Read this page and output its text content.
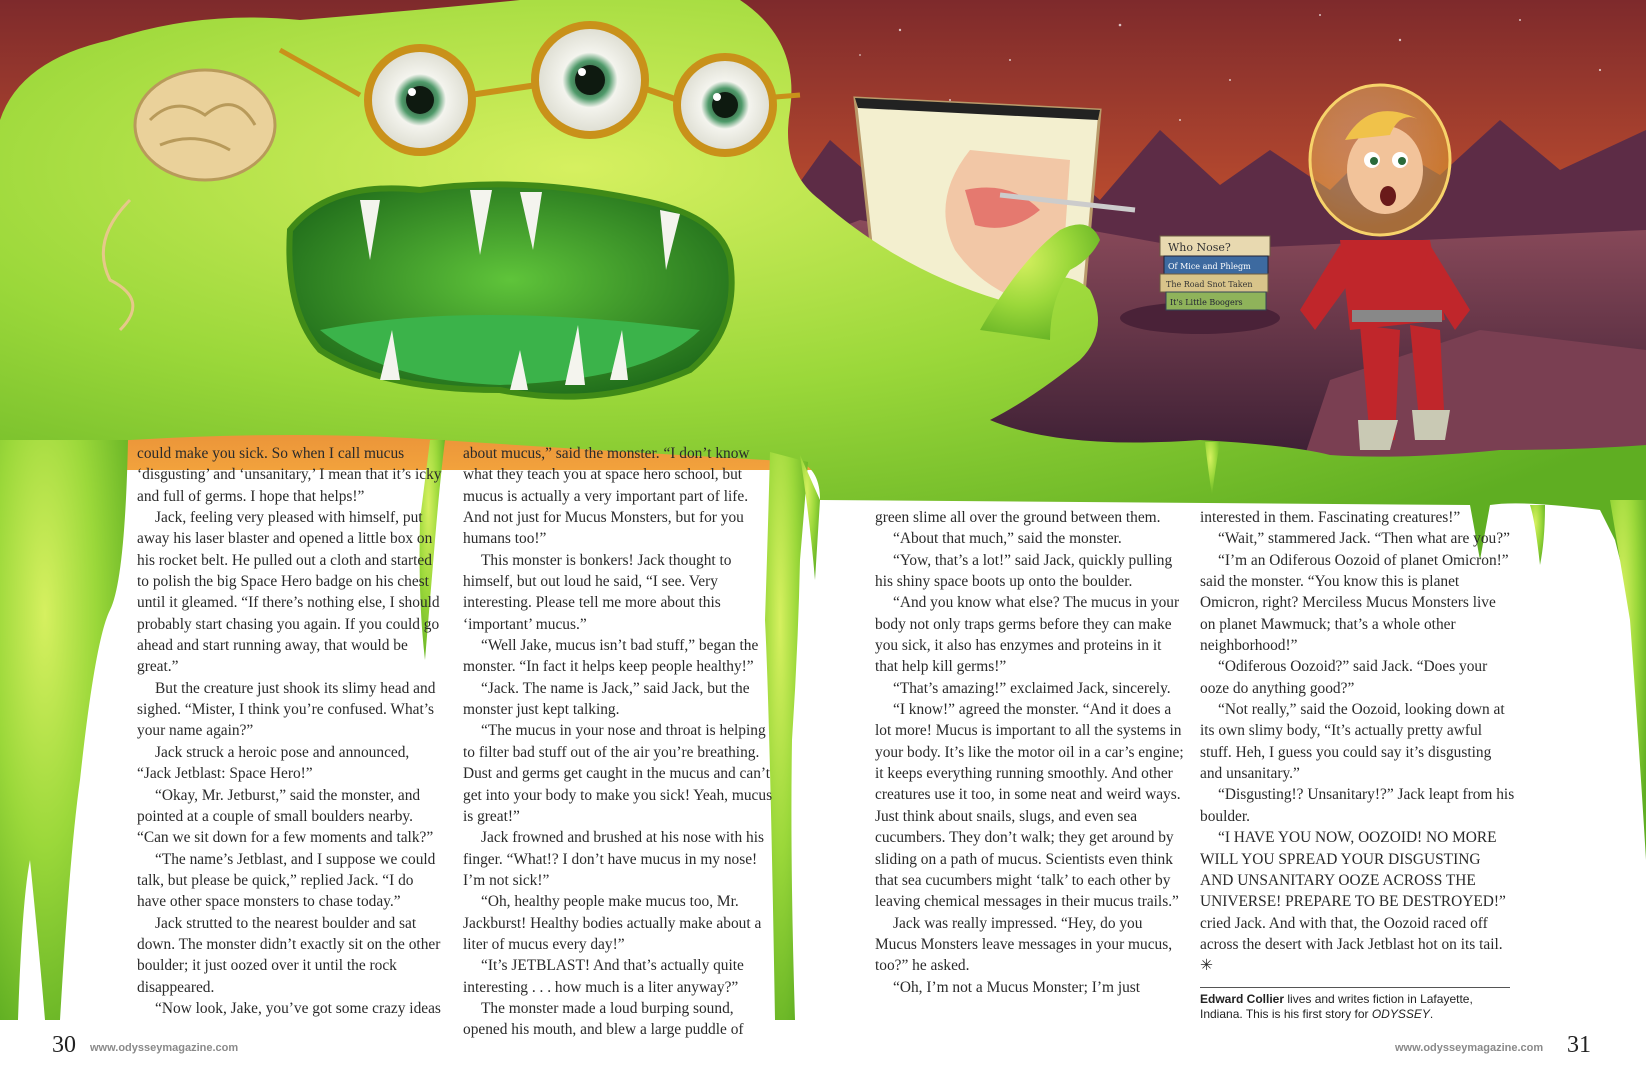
Who Nose?
Of Mice and Phlegm
The Road Snot Taken
It's Little Boogers

could make you sick. So when I call mucus ‘disgusting’ and ‘unsanitary,’ I mean that it’s icky and full of germs. I hope that helps!”

Jack, feeling very pleased with himself, put away his laser blaster and opened a little box on his rocket belt. He pulled out a cloth and started to polish the big Space Hero badge on his chest until it gleamed. “If there’s nothing else, I should probably start chasing you again. If you could go ahead and start running away, that would be great.”

But the creature just shook its slimy head and sighed. “Mister, I think you’re confused. What’s your name again?”

Jack struck a heroic pose and announced, “Jack Jetblast: Space Hero!”

“Okay, Mr. Jetburst,” said the monster, and pointed at a couple of small boulders nearby. “Can we sit down for a few moments and talk?”

“The name’s Jetblast, and I suppose we could talk, but please be quick,” replied Jack. “I do have other space monsters to chase today.”

Jack strutted to the nearest boulder and sat down. The monster didn’t exactly sit on the other boulder; it just oozed over it until the rock disappeared.

“Now look, Jake, you’ve got some crazy ideas

about mucus,” said the monster. “I don’t know what they teach you at space hero school, but mucus is actually a very important part of life. And not just for Mucus Monsters, but for you humans too!”

This monster is bonkers! Jack thought to himself, but out loud he said, “I see. Very interesting. Please tell me more about this ‘important’ mucus.”

“Well Jake, mucus isn’t bad stuff,” began the monster. “In fact it helps keep people healthy!”

“Jack. The name is Jack,” said Jack, but the monster just kept talking.

“The mucus in your nose and throat is helping to filter bad stuff out of the air you’re breathing. Dust and germs get caught in the mucus and can’t get into your body to make you sick! Yeah, mucus is great!”

Jack frowned and brushed at his nose with his finger. “What!? I don’t have mucus in my nose! I’m not sick!”

“Oh, healthy people make mucus too, Mr. Jackburst! Healthy bodies actually make about a liter of mucus every day!”

“It’s JETBLAST! And that’s actually quite interesting . . . how much is a liter anyway?”

The monster made a loud burping sound, opened his mouth, and blew a large puddle of

green slime all over the ground between them.

“About that much,” said the monster.

“Yow, that’s a lot!” said Jack, quickly pulling his shiny space boots up onto the boulder.

“And you know what else? The mucus in your body not only traps germs before they can make you sick, it also has enzymes and proteins in it that help kill germs!”

“That’s amazing!” exclaimed Jack, sincerely.

“I know!” agreed the monster. “And it does a lot more! Mucus is important to all the systems in your body. It’s like the motor oil in a car’s engine; it keeps everything running smoothly. And other creatures use it too, in some neat and weird ways. Just think about snails, slugs, and even sea cucumbers. They don’t walk; they get around by sliding on a path of mucus. Scientists even think that sea cucumbers might ‘talk’ to each other by leaving chemical messages in their mucus trails.”

Jack was really impressed. “Hey, do you Mucus Monsters leave messages in your mucus, too?” he asked.

“Oh, I’m not a Mucus Monster; I’m just

interested in them. Fascinating creatures!”

“Wait,” stammered Jack. “Then what are you?”

“I’m an Odiferous Oozoid of planet Omicron!” said the monster. “You know this is planet Omicron, right? Merciless Mucus Monsters live on planet Mawmuck; that’s a whole other neighborhood!”

“Odiferous Oozoid?” said Jack. “Does your ooze do anything good?”

“Not really,” said the Oozoid, looking down at its own slimy body, “It’s actually pretty awful stuff. Heh, I guess you could say it’s disgusting and unsanitary.”

“Disgusting!? Unsanitary!?” Jack leapt from his boulder.

“I HAVE YOU NOW, OOZOID! NO MORE WILL YOU SPREAD YOUR DISGUSTING AND UNSANITARY OOZE ACROSS THE UNIVERSE! PREPARE TO BE DESTROYED!” cried Jack. And with that, the Oozoid raced off across the desert with Jack Jetblast hot on its tail. ✳

Edward Collier lives and writes fiction in Lafayette, Indiana. This is his first story for ODYSSEY.
30 www.odysseymagazine.com	www.odysseymagazine.com 31
